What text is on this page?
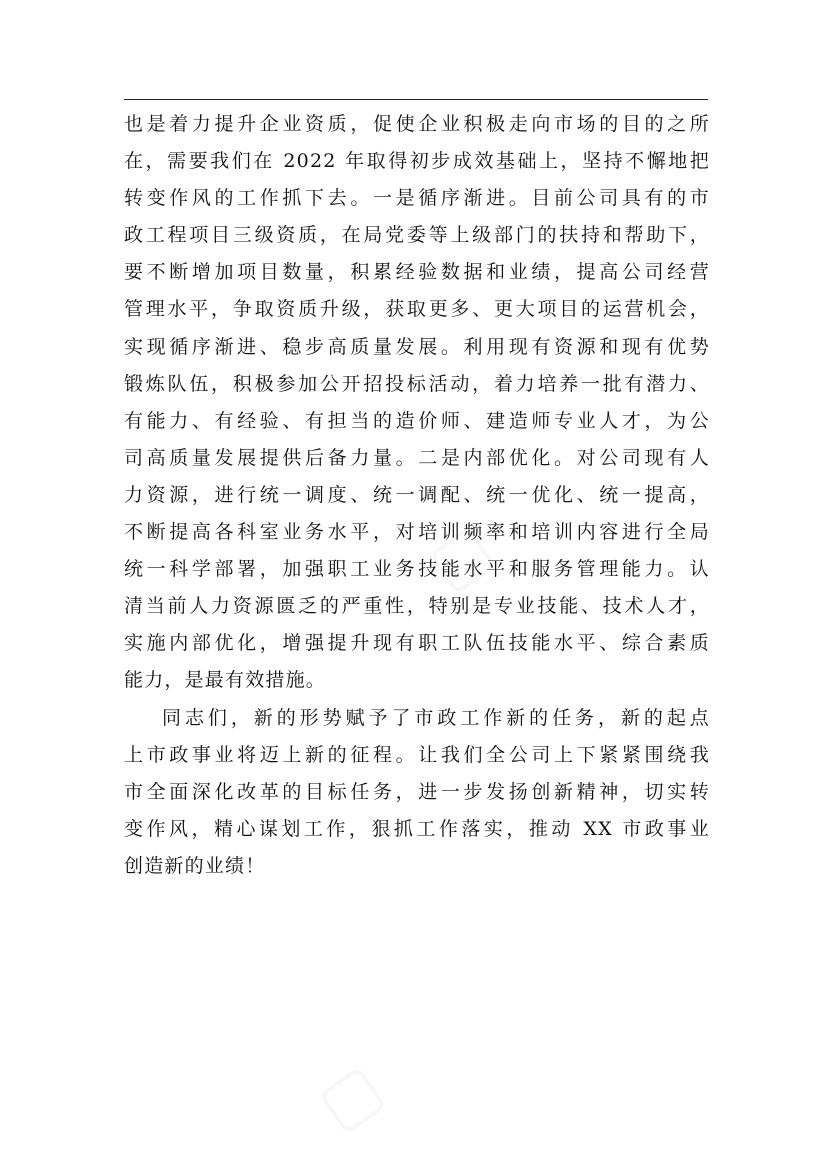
也是着力提升企业资质，促使企业积极走向市场的目的之所
在，需要我们在 2022 年取得初步成效基础上，坚持不懈地把
转变作风的工作抓下去。一是循序渐进。目前公司具有的市
政工程项目三级资质，在局党委等上级部门的扶持和帮助下，
要不断增加项目数量，积累经验数据和业绩，提高公司经营
管理水平，争取资质升级，获取更多、更大项目的运营机会，
实现循序渐进、稳步高质量发展。利用现有资源和现有优势
锻炼队伍，积极参加公开招投标活动，着力培养一批有潜力、
有能力、有经验、有担当的造价师、建造师专业人才，为公
司高质量发展提供后备力量。二是内部优化。对公司现有人
力资源，进行统一调度、统一调配、统一优化、统一提高，
不断提高各科室业务水平，对培训频率和培训内容进行全局
统一科学部署，加强职工业务技能水平和服务管理能力。认
清当前人力资源匮乏的严重性，特别是专业技能、技术人才，
实施内部优化，增强提升现有职工队伍技能水平、综合素质
能力，是最有效措施。
同志们，新的形势赋予了市政工作新的任务，新的起点
上市政事业将迈上新的征程。让我们全公司上下紧紧围绕我
市全面深化改革的目标任务，进一步发扬创新精神，切实转
变作风，精心谋划工作，狠抓工作落实，推动 XX 市政事业
创造新的业绩！
